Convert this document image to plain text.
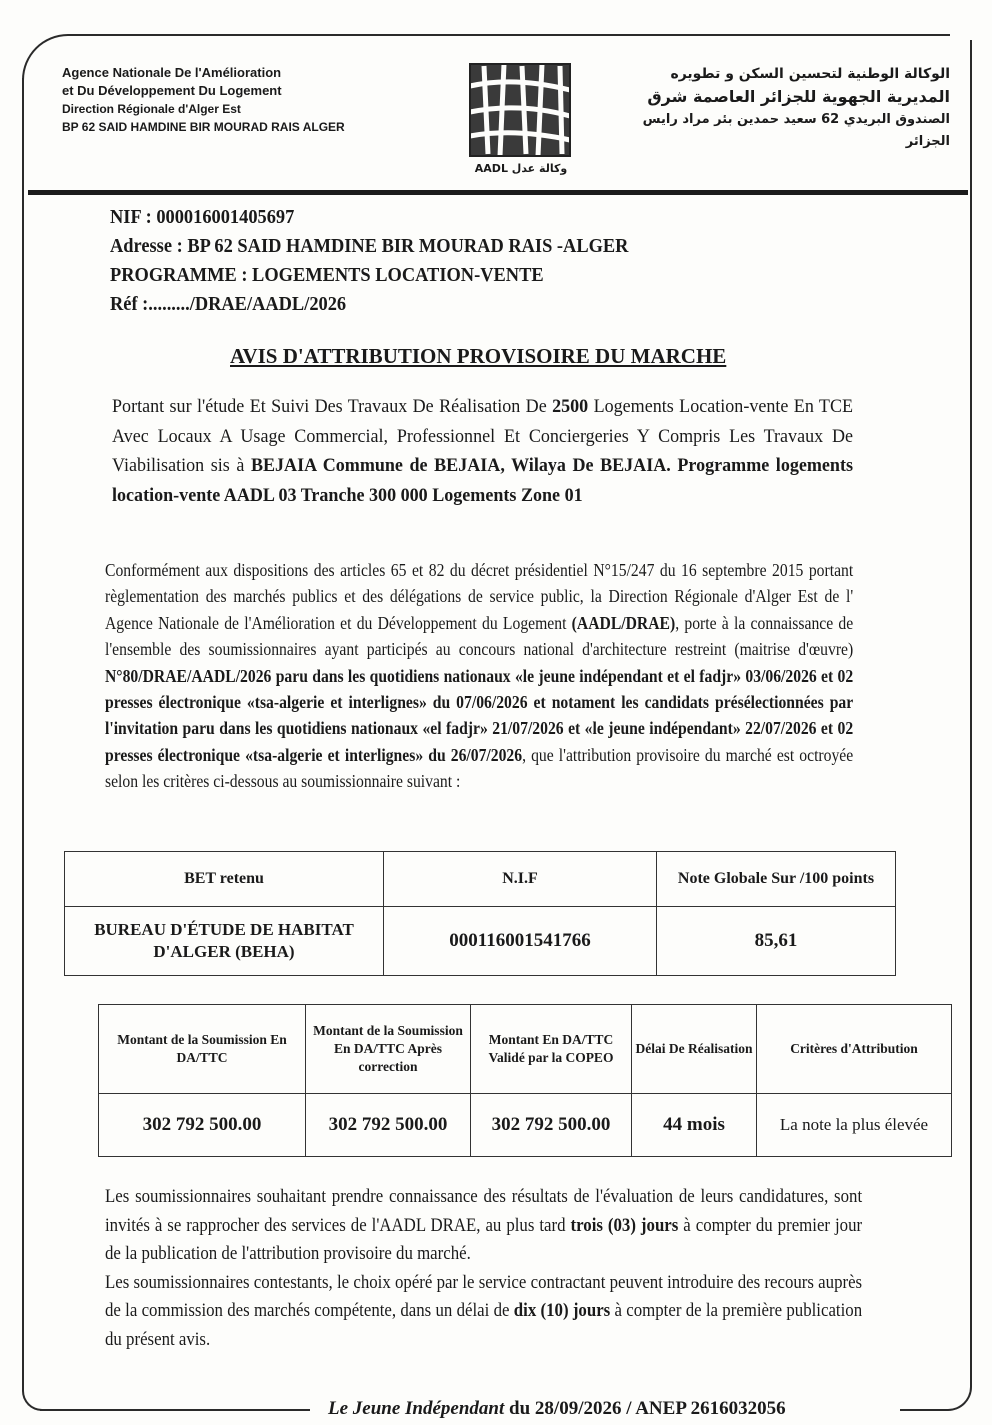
Agence Nationale De l'Amélioration
et Du Développement Du Logement
Direction Régionale d'Alger Est
BP 62 SAID HAMDINE BIR MOURAD RAIS ALGER
AADL وكالة عدل
الوكالة الوطنية لتحسين السكن و تطويره
المديرية الجهوية للجزائر العاصمة شرق
الصندوق البريدي 62 سعيد حمدين بئر مراد رايس
الجزائر
NIF : 000016001405697
Adresse : BP 62 SAID HAMDINE BIR MOURAD RAIS -ALGER
PROGRAMME : LOGEMENTS LOCATION-VENTE
Réf :........./DRAE/AADL/2026
AVIS D'ATTRIBUTION PROVISOIRE DU MARCHE
Portant sur l'étude Et Suivi Des Travaux De Réalisation De 2500 Logements Location-vente En TCE Avec Locaux A Usage Commercial, Professionnel Et Conciergeries Y Compris Les Travaux De Viabilisation sis à BEJAIA Commune de BEJAIA, Wilaya De BEJAIA. Programme logements location-vente AADL 03 Tranche 300 000 Logements Zone 01
Conformément aux dispositions des articles 65 et 82 du décret présidentiel N°15/247 du 16 septembre 2015 portant règlementation des marchés publics et des délégations de service public, la Direction Régionale d'Alger Est de l' Agence Nationale de l'Amélioration et du Développement du Logement (AADL/DRAE), porte à la connaissance de l'ensemble des soumissionnaires ayant participés au concours national d'architecture restreint (maitrise d'œuvre) N°80/DRAE/AADL/2026 paru dans les quotidiens nationaux «le jeune indépendant et el fadjr» 03/06/2026 et 02 presses électronique «tsa-algerie et interlignes» du 07/06/2026 et notament les candidats présélectionnées par l'invitation paru dans les quotidiens nationaux «el fadjr» 21/07/2026 et «le jeune indépendant» 22/07/2026 et 02 presses électronique «tsa-algerie et interlignes» du 26/07/2026, que l'attribution provisoire du marché est octroyée selon les critères ci-dessous au soumissionnaire suivant :
BET retenu	N.I.F	Note Globale Sur /100 points
BUREAU D'ÉTUDE DE HABITAT D'ALGER (BEHA)	000116001541766	85,61
Montant de la Soumission En DA/TTC	Montant de la Soumission En DA/TTC Après correction	Montant En DA/TTC Validé par la COPEO	Délai De Réalisation	Critères d'Attribution
302 792 500.00	302 792 500.00	302 792 500.00	44 mois	La note la plus élevée
Les soumissionnaires souhaitant prendre connaissance des résultats de l'évaluation de leurs candidatures, sont invités à se rapprocher des services de l'AADL DRAE, au plus tard trois (03) jours à compter du premier jour de la publication de l'attribution provisoire du marché.
Les soumissionnaires contestants, le choix opéré par le service contractant peuvent introduire des recours auprès de la commission des marchés compétente, dans un délai de dix (10) jours à compter de la première publication du présent avis.
Le Jeune Indépendant du 28/09/2026 / ANEP 2616032056
